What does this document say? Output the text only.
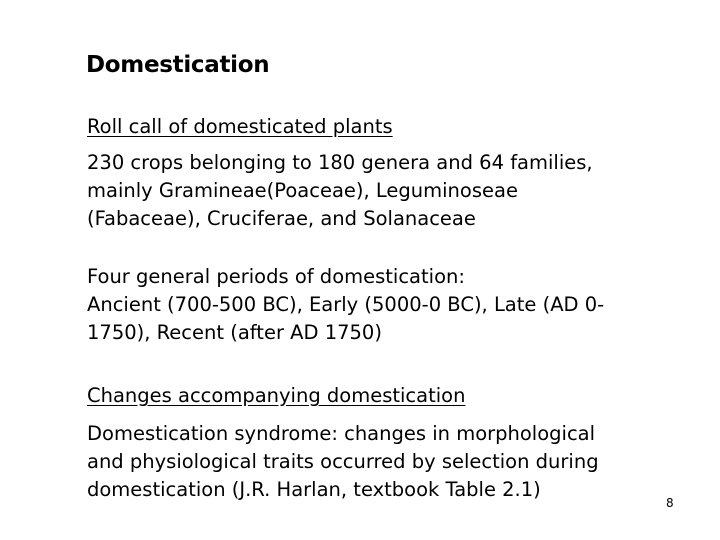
Domestication
Roll call of domesticated plants
230 crops belonging to 180 genera and 64 families,
mainly Gramineae(Poaceae), Leguminoseae
(Fabaceae), Cruciferae, and Solanaceae
Four general periods of domestication:
Ancient (700-500 BC), Early (5000-0 BC), Late (AD 0-
1750), Recent (after AD 1750)
Changes accompanying domestication
Domestication syndrome: changes in morphological
and physiological traits occurred by selection during
domestication (J.R. Harlan, textbook Table 2.1)
8
